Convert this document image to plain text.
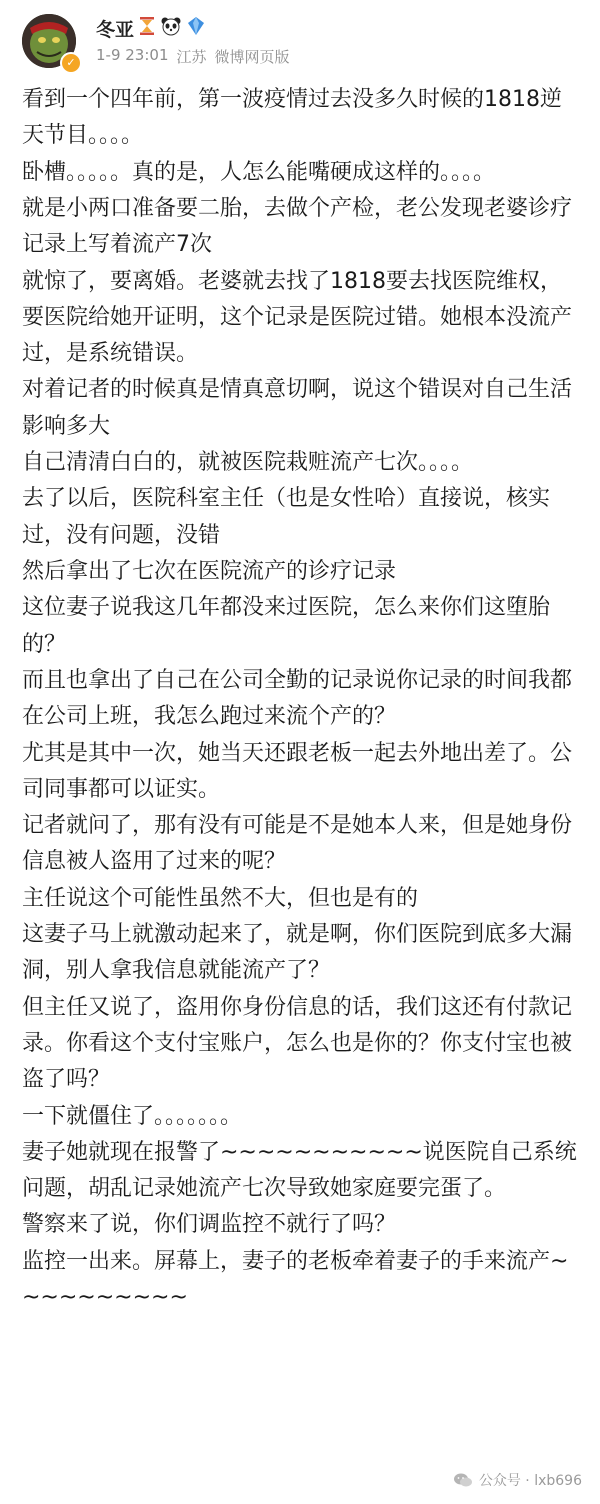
✓
冬亚
1-9 23:01 江苏 微博网页版

看到一个四年前，第一波疫情过去没多久时候的1818逆天节目。。。。

卧槽。。。。。真的是，人怎么能嘴硬成这样的。。。。

就是小两口准备要二胎，去做个产检，老公发现老婆诊疗记录上写着流产7次

就惊了，要离婚。老婆就去找了1818要去找医院维权，要医院给她开证明，这个记录是医院过错。她根本没流产过，是系统错误。

对着记者的时候真是情真意切啊，说这个错误对自己生活影响多大

自己清清白白的，就被医院栽赃流产七次。。。。

去了以后，医院科室主任（也是女性哈）直接说，核实过，没有问题，没错

然后拿出了七次在医院流产的诊疗记录

这位妻子说我这几年都没来过医院，怎么来你们这堕胎的？

而且也拿出了自己在公司全勤的记录说你记录的时间我都在公司上班，我怎么跑过来流个产的？

尤其是其中一次，她当天还跟老板一起去外地出差了。公司同事都可以证实。

记者就问了，那有没有可能是不是她本人来，但是她身份信息被人盗用了过来的呢？

主任说这个可能性虽然不大，但也是有的

这妻子马上就激动起来了，就是啊，你们医院到底多大漏洞，别人拿我信息就能流产了？

但主任又说了，盗用你身份信息的话，我们这还有付款记录。你看这个支付宝账户，怎么也是你的？你支付宝也被盗了吗？

一下就僵住了。。。。。。。

妻子她就现在报警了~~~~~~~~~~~说医院自己系统问题，胡乱记录她流产七次导致她家庭要完蛋了。

警察来了说，你们调监控不就行了吗？

监控一出来。屏幕上，妻子的老板牵着妻子的手来流产~~~~~~~~~~

公众号 · lxb696
